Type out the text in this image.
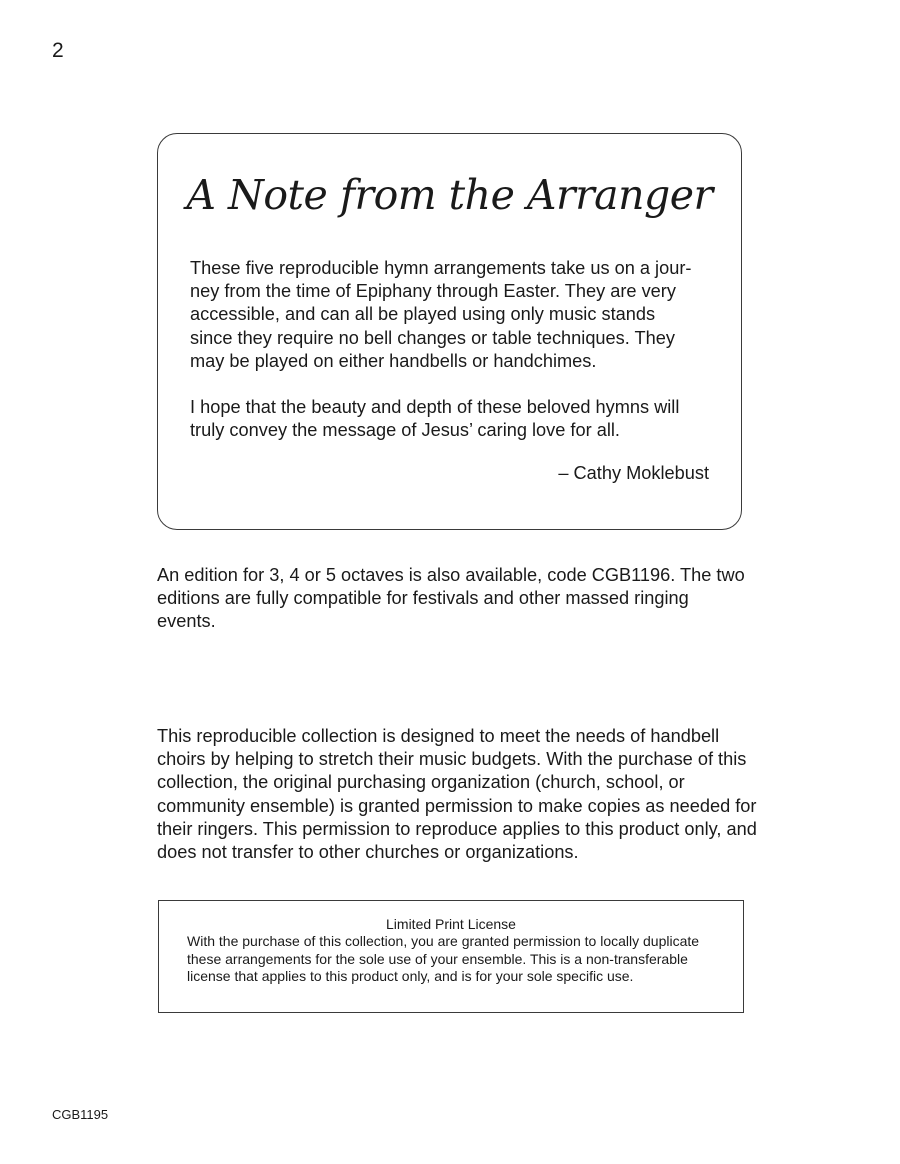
2
A Note from the Arranger

These five reproducible hymn arrangements take us on a jour-
ney from the time of Epiphany through Easter. They are very
accessible, and can all be played using only music stands
since they require no bell changes or table techniques. They
may be played on either handbells or handchimes.

I hope that the beauty and depth of these beloved hymns will
truly convey the message of Jesus’ caring love for all.

– Cathy Moklebust
An edition for 3, 4 or 5 octaves is also available, code CGB1196. The two editions are fully compatible for festivals and other massed ringing events.
This reproducible collection is designed to meet the needs of handbell choirs by helping to stretch their music budgets. With the purchase of this collection, the original purchasing organization (church, school, or community ensemble) is granted permission to make copies as needed for their ringers. This permission to reproduce applies to this product only, and does not transfer to other churches or organizations.
Limited Print License
With the purchase of this collection, you are granted permission to locally duplicate these arrangements for the sole use of your ensemble. This is a non-transferable license that applies to this product only, and is for your sole specific use.
CGB1195
